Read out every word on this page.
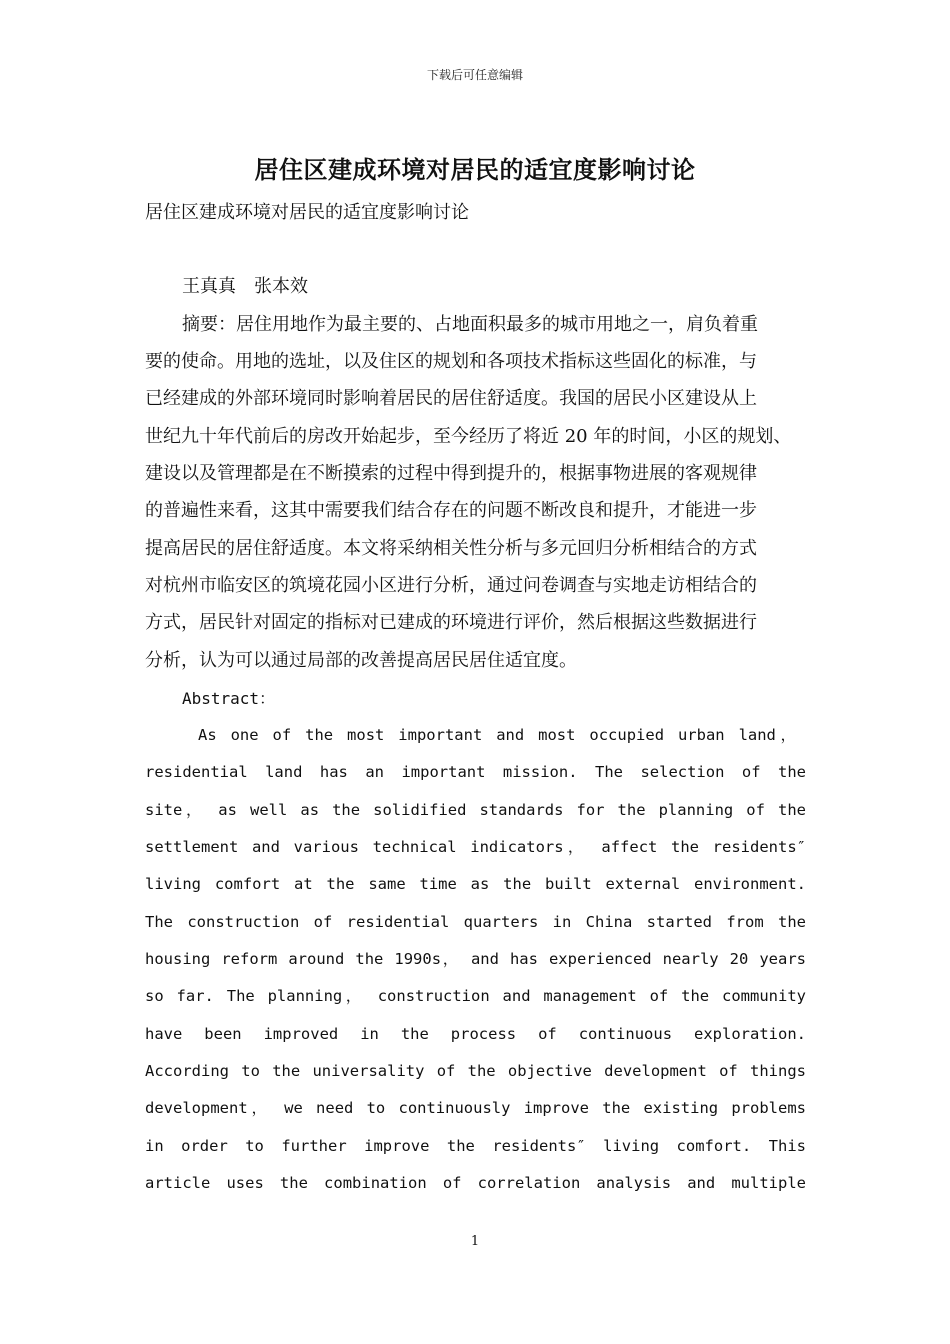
下载后可任意编辑
居住区建成环境对居民的适宜度影响讨论
居住区建成环境对居民的适宜度影响讨论
王真真　张本效
摘要：居住用地作为最主要的、占地面积最多的城市用地之一，肩负着重
要的使命。用地的选址，以及住区的规划和各项技术指标这些固化的标准，与
已经建成的外部环境同时影响着居民的居住舒适度。我国的居民小区建设从上
世纪九十年代前后的房改开始起步，至今经历了将近 20 年的时间，小区的规划、
建设以及管理都是在不断摸索的过程中得到提升的，根据事物进展的客观规律
的普遍性来看，这其中需要我们结合存在的问题不断改良和提升，才能进一步
提高居民的居住舒适度。本文将采纳相关性分析与多元回归分析相结合的方式
对杭州市临安区的筑境花园小区进行分析，通过问卷调查与实地走访相结合的
方式，居民针对固定的指标对已建成的环境进行评价，然后根据这些数据进行
分析，认为可以通过局部的改善提高居民居住适宜度。
Abstract：
As one of the most important and most occupied urban land，
residential land has an important mission. The selection of the
site， as well as the solidified standards for the planning of the
settlement and various technical indicators， affect the residents″
living comfort at the same time as the built external environment.
The construction of residential quarters in China started from the
housing reform around the 1990s， and has experienced nearly 20 years
so far. The planning， construction and management of the community
have been improved in the process of continuous exploration.
According to the universality of the objective development of things
development， we need to continuously improve the existing problems
in order to further improve the residents″ living comfort. This
article uses the combination of correlation analysis and multiple
1
